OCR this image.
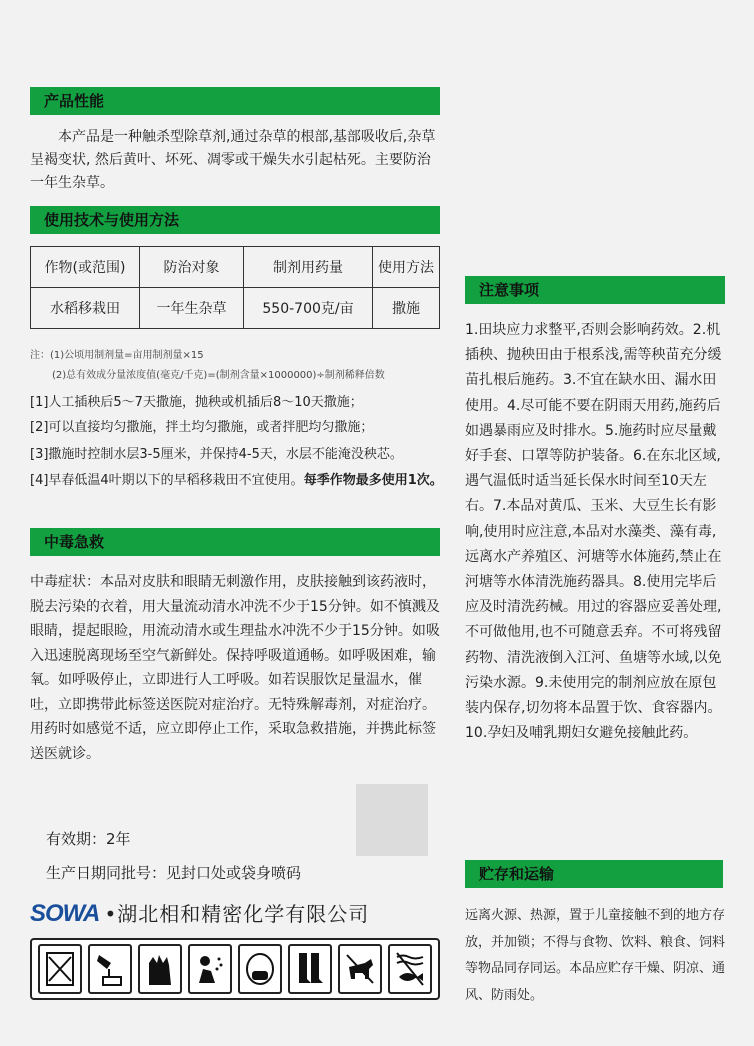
产品性能
本产品是一种触杀型除草剂,通过杂草的根部,基部吸收后,杂草呈褐变状, 然后黄叶、坏死、凋零或干燥失水引起枯死。主要防治一年生杂草。
使用技术与使用方法
作物(或范围)	防治对象	制剂用药量	使用方法
水稻移栽田	一年生杂草	550-700克/亩	撒施
注：(1)公顷用制剂量=亩用制剂量×15
(2)总有效成分量浓度值(毫克/千克)=(制剂含量×1000000)÷制剂稀释倍数
[1]人工插秧后5～7天撒施，抛秧或机插后8～10天撒施；
[2]可以直接均匀撒施，拌土均匀撒施，或者拌肥均匀撒施；
[3]撒施时控制水层3-5厘米，并保持4-5天，水层不能淹没秧芯。
[4]早春低温4叶期以下的早稻移栽田不宜使用。每季作物最多使用1次。
中毒急救
中毒症状：本品对皮肤和眼睛无刺激作用，皮肤接触到该药液时，脱去污染的衣着，用大量流动清水冲洗不少于15分钟。如不慎溅及眼睛，提起眼睑，用流动清水或生理盐水冲洗不少于15分钟。如吸入迅速脱离现场至空气新鲜处。保持呼吸道通畅。如呼吸困难，输氧。如呼吸停止，立即进行人工呼吸。如若误服饮足量温水，催吐，立即携带此标签送医院对症治疗。无特殊解毒剂，对症治疗。用药时如感觉不适，应立即停止工作，采取急救措施，并携此标签送医就诊。
有效期：2年
生产日期同批号：见封口处或袋身喷码
SOWA •湖北相和精密化学有限公司
注意事项
1.田块应力求整平,否则会影响药效。2.机插秧、抛秧田由于根系浅,需等秧苗充分缓苗扎根后施药。3.不宜在缺水田、漏水田使用。4.尽可能不要在阴雨天用药,施药后如遇暴雨应及时排水。5.施药时应尽量戴好手套、口罩等防护装备。6.在东北区域,遇气温低时适当延长保水时间至10天左右。7.本品对黄瓜、玉米、大豆生长有影响,使用时应注意,本品对水藻类、藻有毒,远离水产养殖区、河塘等水体施药,禁止在河塘等水体清洗施药器具。8.使用完毕后应及时清洗药械。用过的容器应妥善处理,不可做他用,也不可随意丢弃。不可将残留药物、清洗液倒入江河、鱼塘等水域,以免污染水源。9.未使用完的制剂应放在原包装内保存,切勿将本品置于饮、食容器内。10.孕妇及哺乳期妇女避免接触此药。
贮存和运输
远离火源、热源，置于儿童接触不到的地方存放，并加锁；不得与食物、饮料、粮食、饲料等物品同存同运。本品应贮存干燥、阴凉、通风、防雨处。
